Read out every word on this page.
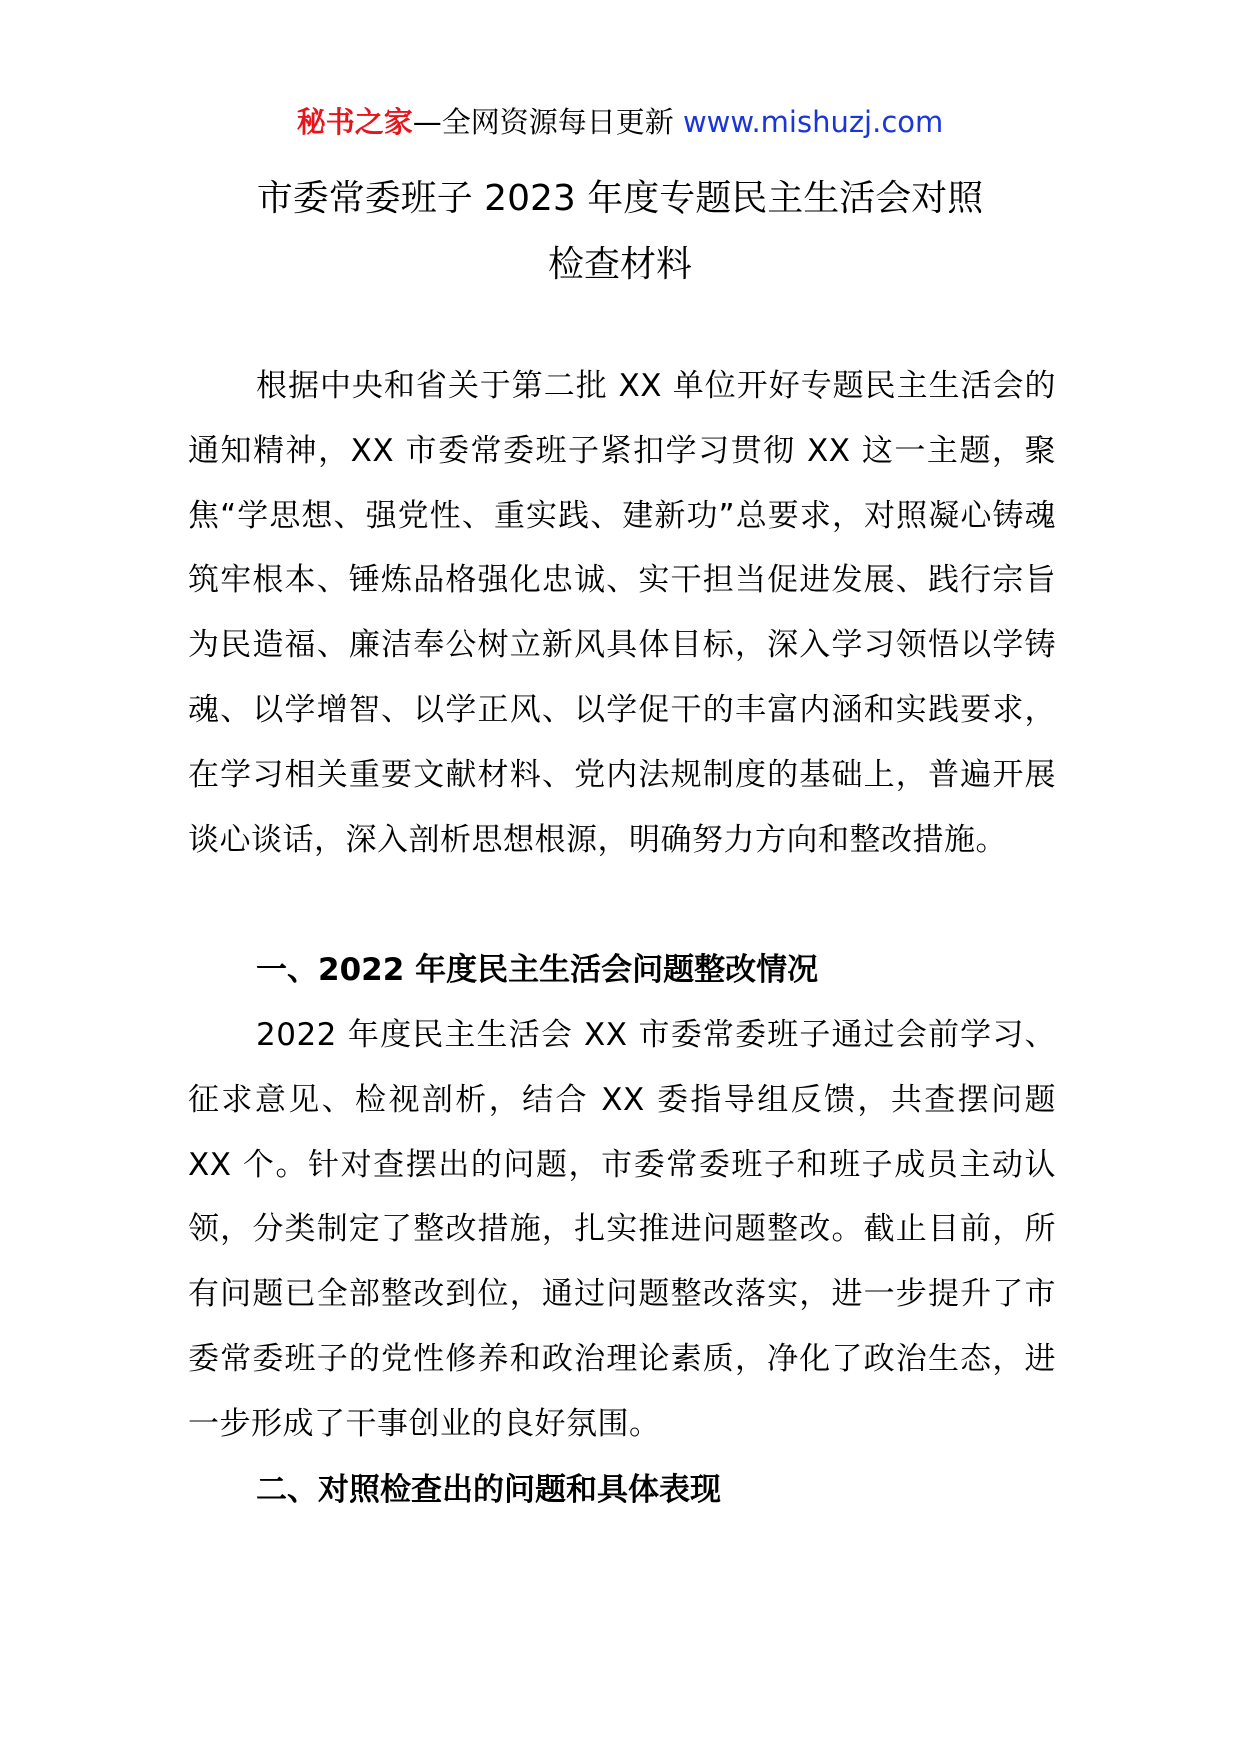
秘书之家—全网资源每日更新 www.mishuzj.com
市委常委班子 2023 年度专题民主生活会对照
检查材料

根据中央和省关于第二批 XX 单位开好专题民主生活会的通知精神，XX 市委常委班子紧扣学习贯彻 XX 这一主题，聚焦“学思想、强党性、重实践、建新功”总要求，对照凝心铸魂筑牢根本、锤炼品格强化忠诚、实干担当促进发展、践行宗旨为民造福、廉洁奉公树立新风具体目标，深入学习领悟以学铸魂、以学增智、以学正风、以学促干的丰富内涵和实践要求，在学习相关重要文献材料、党内法规制度的基础上，普遍开展谈心谈话，深入剖析思想根源，明确努力方向和整改措施。

一、2022 年度民主生活会问题整改情况

2022 年度民主生活会 XX 市委常委班子通过会前学习、征求意见、检视剖析，结合 XX 委指导组反馈，共查摆问题 XX 个。针对查摆出的问题，市委常委班子和班子成员主动认领，分类制定了整改措施，扎实推进问题整改。截止目前，所有问题已全部整改到位，通过问题整改落实，进一步提升了市委常委班子的党性修养和政治理论素质，净化了政治生态，进一步形成了干事创业的良好氛围。

二、对照检查出的问题和具体表现
